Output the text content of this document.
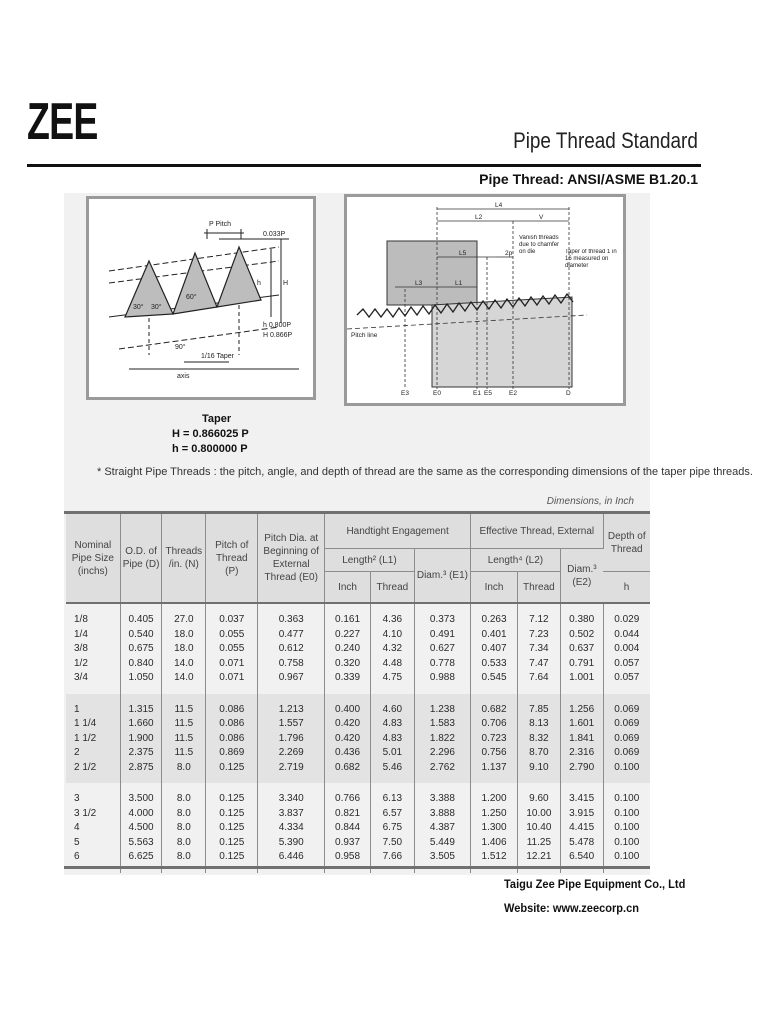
ZEE	Pipe Thread Standard
Pipe Thread: ANSI/ASME B1.20.1
P Pitch
0.033P
h	H
h 0.800P
H 0.866P
30° 30°
60°
90°
1/16 Taper
axis
L4
L2	V
L5	2p
L3	L1
Pitch line
E3	E0	E1 E5	E2	D
Vanish threads due to chamfer on die	Taper of thread 1 in 16 measured on diameter
Taper
H = 0.866025 P
h = 0.800000 P
* Straight Pipe Threads : the pitch, angle, and depth of thread are the same as the corresponding dimensions of the taper pipe threads.
Dimensions, in Inch
Nominal Pipe Size (inchs)	O.D. of Pipe (D)	Threads /in. (N)	Pitch of Thread (P)	Pitch Dia. at Beginning of External Thread (E0)	Handtight Engagement			Effective Thread, External			Depth of Thread
					Length² (L1)		Diam.³ (E1)	Length⁴ (L2)		Diam.³ (E2)	
					Inch	Thread		Inch	Thread		h
1/8	0.405	27.0	0.037	0.363	0.161	4.36	0.373	0.263	7.12	0.380	0.029
1/4	0.540	18.0	0.055	0.477	0.227	4.10	0.491	0.401	7.23	0.502	0.044
3/8	0.675	18.0	0.055	0.612	0.240	4.32	0.627	0.407	7.34	0.637	0.004
1/2	0.840	14.0	0.071	0.758	0.320	4.48	0.778	0.533	7.47	0.791	0.057
3/4	1.050	14.0	0.071	0.967	0.339	4.75	0.988	0.545	7.64	1.001	0.057
1	1.315	11.5	0.086	1.213	0.400	4.60	1.238	0.682	7.85	1.256	0.069
1 1/4	1.660	11.5	0.086	1.557	0.420	4.83	1.583	0.706	8.13	1.601	0.069
1 1/2	1.900	11.5	0.086	1.796	0.420	4.83	1.822	0.723	8.32	1.841	0.069
2	2.375	11.5	0.869	2.269	0.436	5.01	2.296	0.756	8.70	2.316	0.069
2 1/2	2.875	8.0	0.125	2.719	0.682	5.46	2.762	1.137	9.10	2.790	0.100
3	3.500	8.0	0.125	3.340	0.766	6.13	3.388	1.200	9.60	3.415	0.100
3 1/2	4.000	8.0	0.125	3.837	0.821	6.57	3.888	1.250	10.00	3.915	0.100
4	4.500	8.0	0.125	4.334	0.844	6.75	4.387	1.300	10.40	4.415	0.100
5	5.563	8.0	0.125	5.390	0.937	7.50	5.449	1.406	11.25	5.478	0.100
6	6.625	8.0	0.125	6.446	0.958	7.66	3.505	1.512	12.21	6.540	0.100
Taigu Zee Pipe Equipment Co., Ltd
Website: www.zeecorp.cn
